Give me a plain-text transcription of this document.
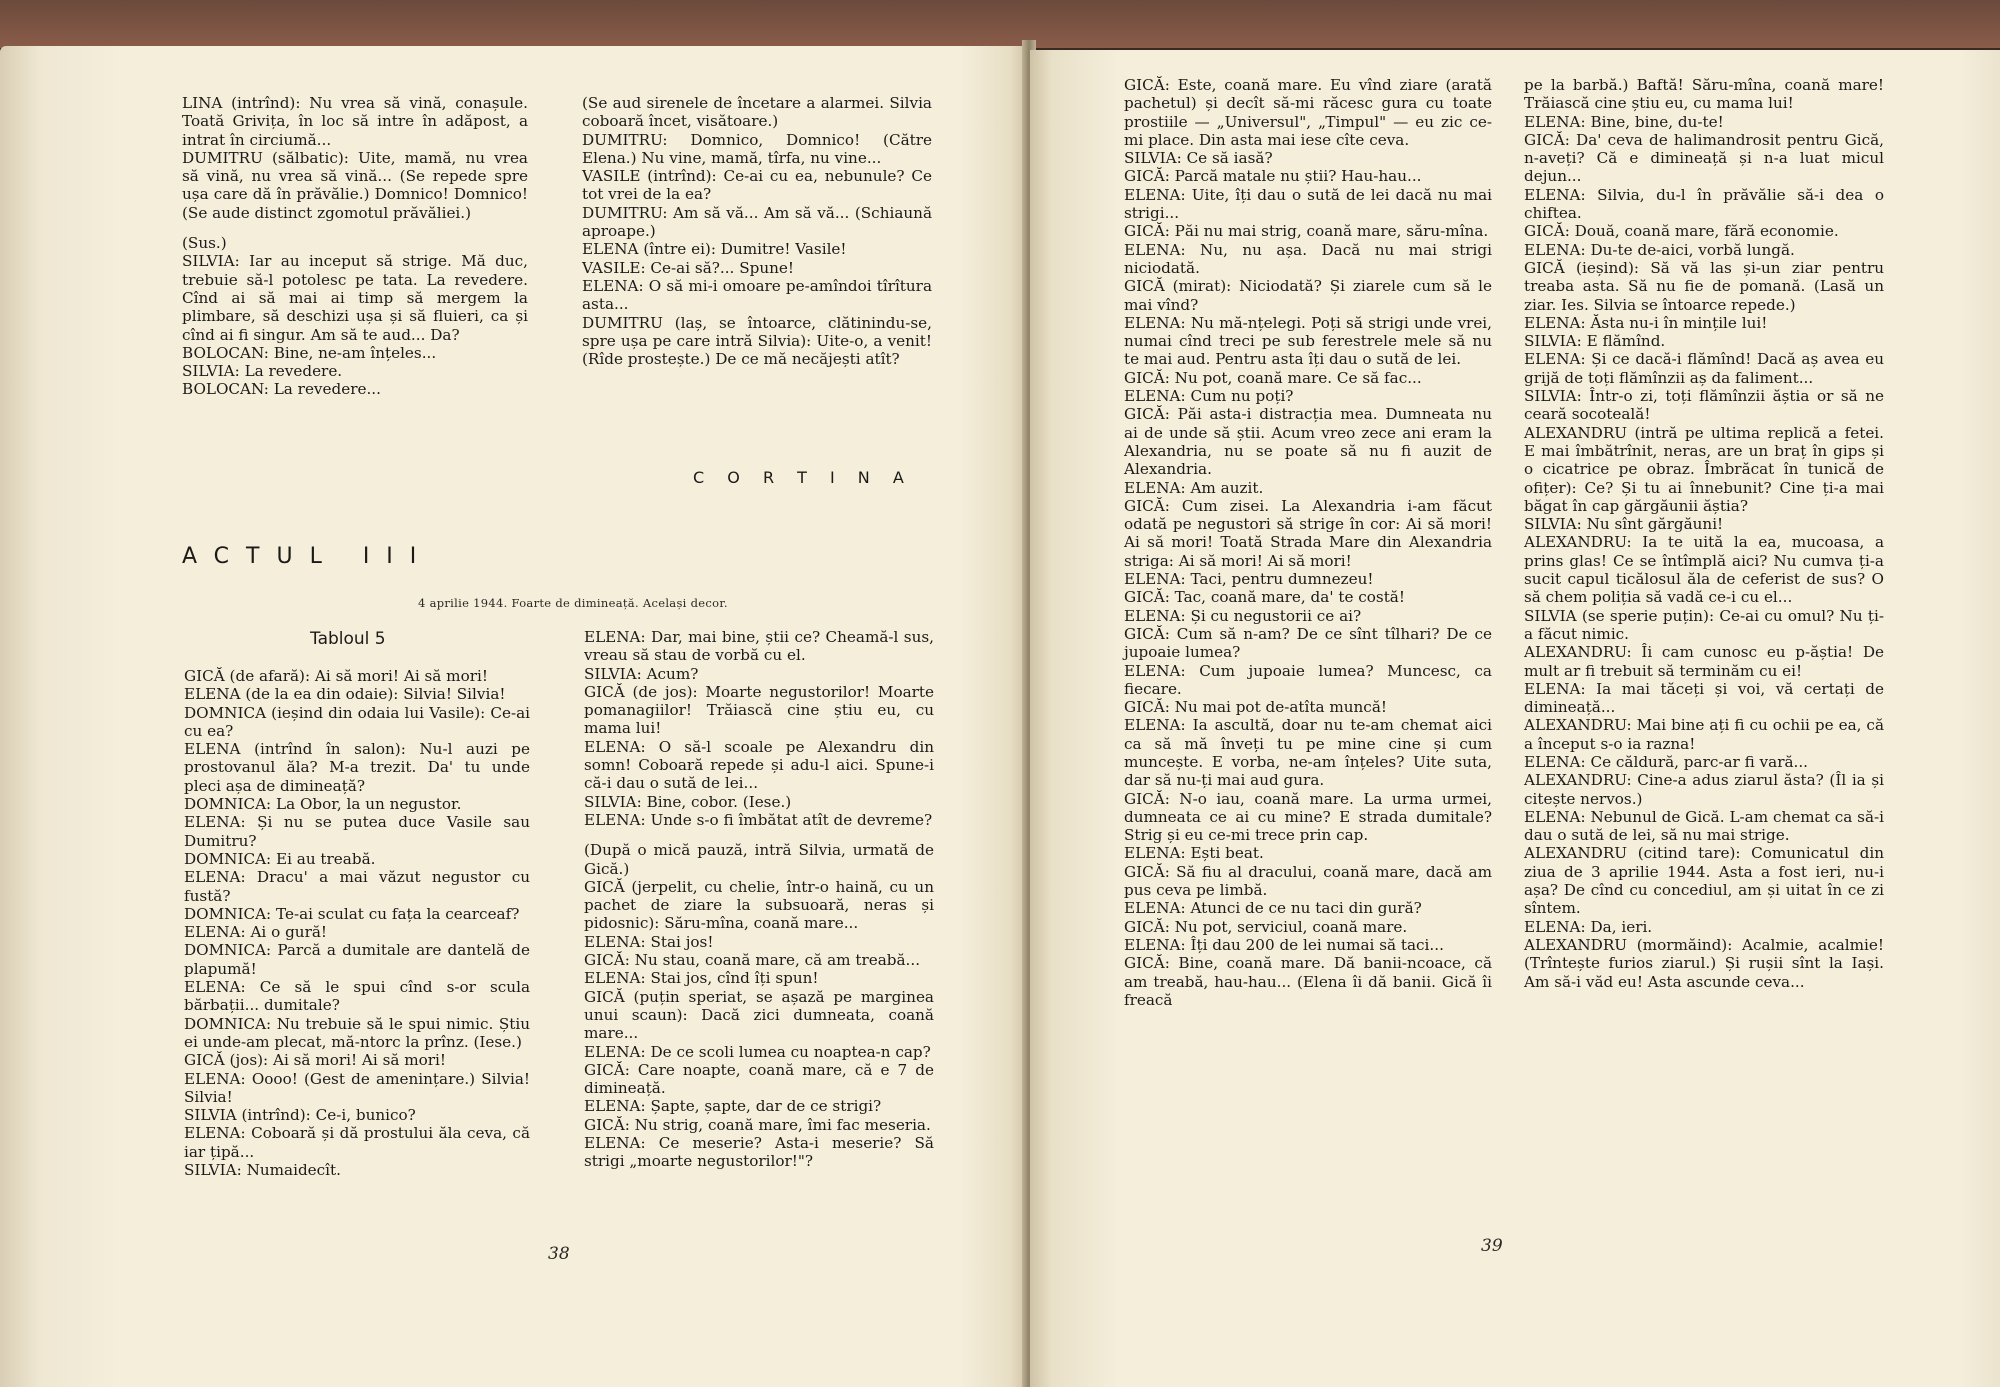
LINA (intrînd): Nu vrea să vină, conașule. Toată Grivița, în loc să intre în adăpost, a intrat în circiumă...

DUMITRU (sălbatic): Uite, mamă, nu vrea să vină, nu vrea să vină... (Se repede spre ușa care dă în prăvălie.) Domnico! Domnico! (Se aude distinct zgomotul prăvăliei.)

(Sus.)

SILVIA: Iar au inceput să strige. Mă duc, trebuie să-l potolesc pe tata. La revedere. Cînd ai să mai ai timp să mergem la plimbare, să deschizi ușa și să fluieri, ca și cînd ai fi singur. Am să te aud... Da?

BOLOCAN: Bine, ne-am înțeles...

SILVIA: La revedere.

BOLOCAN: La revedere...

(Se aud sirenele de încetare a alarmei. Silvia coboară încet, visătoare.)

DUMITRU: Domnico, Domnico! (Către Elena.) Nu vine, mamă, tîrfa, nu vine...

VASILE (intrînd): Ce-ai cu ea, nebunule? Ce tot vrei de la ea?

DUMITRU: Am să vă... Am să vă... (Schiaună aproape.)

ELENA (între ei): Dumitre! Vasile!

VASILE: Ce-ai să?... Spune!

ELENA: O să mi-i omoare pe-amîndoi tîrîtura asta...

DUMITRU (laș, se întoarce, clătinindu-se, spre ușa pe care intră Silvia): Uite-o, a venit! (Rîde prostește.) De ce mă necăjești atît?

C O R T I N A
ACTUL III
4 aprilie 1944. Foarte de dimineață. Același decor.
Tabloul 5

GICĂ (de afară): Ai să mori! Ai să mori!

ELENA (de la ea din odaie): Silvia! Silvia!

DOMNICA (ieșind din odaia lui Vasile): Ce-ai cu ea?

ELENA (intrînd în salon): Nu-l auzi pe prostovanul ăla? M-a trezit. Da' tu unde pleci așa de dimineață?

DOMNICA: La Obor, la un negustor.

ELENA: Și nu se putea duce Vasile sau Dumitru?

DOMNICA: Ei au treabă.

ELENA: Dracu' a mai văzut negustor cu fustă?

DOMNICA: Te-ai sculat cu fața la cearceaf?

ELENA: Ai o gură!

DOMNICA: Parcă a dumitale are dantelă de plapumă!

ELENA: Ce să le spui cînd s-or scula bărbații... dumitale?

DOMNICA: Nu trebuie să le spui nimic. Știu ei unde-am plecat, mă-ntorc la prînz. (Iese.)

GICĂ (jos): Ai să mori! Ai să mori!

ELENA: Oooo! (Gest de amenințare.) Silvia! Silvia!

SILVIA (intrînd): Ce-i, bunico?

ELENA: Coboară și dă prostului ăla ceva, că iar țipă...

SILVIA: Numaidecît.

ELENA: Dar, mai bine, știi ce? Cheamă-l sus, vreau să stau de vorbă cu el.

SILVIA: Acum?

GICĂ (de jos): Moarte negustorilor! Moarte pomanagiilor! Trăiască cine știu eu, cu mama lui!

ELENA: O să-l scoale pe Alexandru din somn! Coboară repede și adu-l aici. Spune-i că-i dau o sută de lei...

SILVIA: Bine, cobor. (Iese.)

ELENA: Unde s-o fi îmbătat atît de devreme?

(După o mică pauză, intră Silvia, urmată de Gică.)

GICĂ (jerpelit, cu chelie, într-o haină, cu un pachet de ziare la subsuoară, neras și pidosnic): Săru-mîna, coană mare...

ELENA: Stai jos!

GICĂ: Nu stau, coană mare, că am treabă...

ELENA: Stai jos, cînd îți spun!

GICĂ (puțin speriat, se așază pe marginea unui scaun): Dacă zici dumneata, coană mare...

ELENA: De ce scoli lumea cu noaptea-n cap?

GICĂ: Care noapte, coană mare, că e 7 de dimineață.

ELENA: Șapte, șapte, dar de ce strigi?

GICĂ: Nu strig, coană mare, îmi fac meseria.

ELENA: Ce meserie? Asta-i meserie? Să strigi „moarte negustorilor!"?

38

GICĂ: Este, coană mare. Eu vînd ziare (arată pachetul) și decît să-mi răcesc gura cu toate prostiile — „Universul", „Timpul" — eu zic ce-mi place. Din asta mai iese cîte ceva.

SILVIA: Ce să iasă?

GICĂ: Parcă matale nu știi? Hau-hau...

ELENA: Uite, îți dau o sută de lei dacă nu mai strigi...

GICĂ: Păi nu mai strig, coană mare, săru-mîna.

ELENA: Nu, nu așa. Dacă nu mai strigi niciodată.

GICĂ (mirat): Niciodată? Și ziarele cum să le mai vînd?

ELENA: Nu mă-nțelegi. Poți să strigi unde vrei, numai cînd treci pe sub ferestrele mele să nu te mai aud. Pentru asta îți dau o sută de lei.

GICĂ: Nu pot, coană mare. Ce să fac...

ELENA: Cum nu poți?

GICĂ: Păi asta-i distracția mea. Dumneata nu ai de unde să știi. Acum vreo zece ani eram la Alexandria, nu se poate să nu fi auzit de Alexandria.

ELENA: Am auzit.

GICĂ: Cum zisei. La Alexandria i-am făcut odată pe negustori să strige în cor: Ai să mori! Ai să mori! Toată Strada Mare din Alexandria striga: Ai să mori! Ai să mori!

ELENA: Taci, pentru dumnezeu!

GICĂ: Tac, coană mare, da' te costă!

ELENA: Și cu negustorii ce ai?

GICĂ: Cum să n-am? De ce sînt tîlhari? De ce jupoaie lumea?

ELENA: Cum jupoaie lumea? Muncesc, ca fiecare.

GICĂ: Nu mai pot de-atîta muncă!

ELENA: Ia ascultă, doar nu te-am chemat aici ca să mă înveți tu pe mine cine și cum muncește. E vorba, ne-am înțeles? Uite suta, dar să nu-ți mai aud gura.

GICĂ: N-o iau, coană mare. La urma urmei, dumneata ce ai cu mine? E strada dumitale? Strig și eu ce-mi trece prin cap.

ELENA: Ești beat.

GICĂ: Să fiu al dracului, coană mare, dacă am pus ceva pe limbă.

ELENA: Atunci de ce nu taci din gură?

GICĂ: Nu pot, serviciul, coană mare.

ELENA: Îți dau 200 de lei numai să taci...

GICĂ: Bine, coană mare. Dă banii-ncoace, că am treabă, hau-hau... (Elena îi dă banii. Gică îi freacă

pe la barbă.) Baftă! Săru-mîna, coană mare! Trăiască cine știu eu, cu mama lui!

ELENA: Bine, bine, du-te!

GICĂ: Da' ceva de halimandrosit pentru Gică, n-aveți? Că e dimineață și n-a luat micul dejun...

ELENA: Silvia, du-l în prăvălie să-i dea o chiftea.

GICĂ: Două, coană mare, fără economie.

ELENA: Du-te de-aici, vorbă lungă.

GICĂ (ieșind): Să vă las și-un ziar pentru treaba asta. Să nu fie de pomană. (Lasă un ziar. Ies. Silvia se întoarce repede.)

ELENA: Ăsta nu-i în mințile lui!

SILVIA: E flămînd.

ELENA: Și ce dacă-i flămînd! Dacă aș avea eu grijă de toți flămînzii aș da faliment...

SILVIA: Într-o zi, toți flămînzii ăștia or să ne ceară socoteală!

ALEXANDRU (intră pe ultima replică a fetei. E mai îmbătrînit, neras, are un braț în gips și o cicatrice pe obraz. Îmbrăcat în tunică de ofițer): Ce? Și tu ai înnebunit? Cine ți-a mai băgat în cap gărgăunii ăștia?

SILVIA: Nu sînt gărgăuni!

ALEXANDRU: Ia te uită la ea, mucoasa, a prins glas! Ce se întîmplă aici? Nu cumva ți-a sucit capul ticălosul ăla de ceferist de sus? O să chem poliția să vadă ce-i cu el...

SILVIA (se sperie puțin): Ce-ai cu omul? Nu ți-a făcut nimic.

ALEXANDRU: Îi cam cunosc eu p-ăștia! De mult ar fi trebuit să terminăm cu ei!

ELENA: Ia mai tăceți și voi, vă certați de dimineață...

ALEXANDRU: Mai bine ați fi cu ochii pe ea, că a început s-o ia razna!

ELENA: Ce căldură, parc-ar fi vară...

ALEXANDRU: Cine-a adus ziarul ăsta? (Îl ia și citește nervos.)

ELENA: Nebunul de Gică. L-am chemat ca să-i dau o sută de lei, să nu mai strige.

ALEXANDRU (citind tare): Comunicatul din ziua de 3 aprilie 1944. Asta a fost ieri, nu-i așa? De cînd cu concediul, am și uitat în ce zi sîntem.

ELENA: Da, ieri.

ALEXANDRU (mormăind): Acalmie, acalmie! (Trîntește furios ziarul.) Și rușii sînt la Iași. Am să-i văd eu! Asta ascunde ceva...

39
